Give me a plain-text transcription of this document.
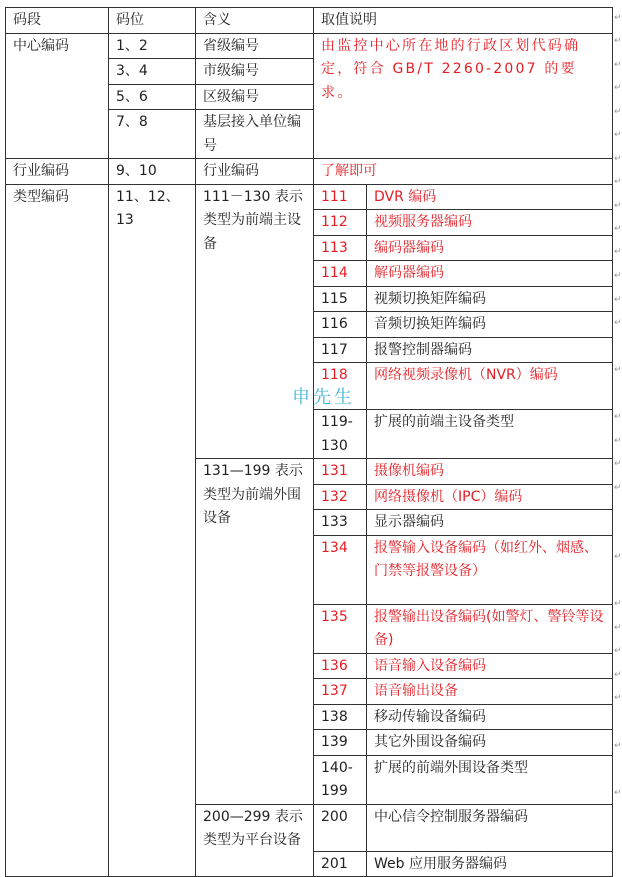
码段	码位	含义	取值说明	
中心编码	1、2	省级编号	由监控中心所在地的行政区划代码确定，符合 GB/T 2260-2007 的要求。	
	3、4	市级编号		
	5、6	区级编号		
	7、8	基层接入单位编号		
行业编码	9、10	行业编码	了解即可	
类型编码	11、12、13	111－130 表示类型为前端主设备	111	DVR 编码
			112	视频服务器编码
			113	编码器编码
			114	解码器编码
			115	视频切换矩阵编码
			116	音频切换矩阵编码
			117	报警控制器编码
			118	网络视频录像机（NVR）编码
			119-130	扩展的前端主设备类型
		131—199 表示类型为前端外围设备	131	摄像机编码
			132	网络摄像机（IPC）编码
			133	显示器编码
			134	报警输入设备编码（如红外、烟感、门禁等报警设备）
			135	报警输出设备编码(如警灯、警铃等设备)
			136	语音输入设备编码
			137	语音输出设备
			138	移动传输设备编码
			139	其它外围设备编码
			140-199	扩展的前端外围设备类型
		200—299 表示类型为平台设备	200	中心信令控制服务器编码
			201	Web 应用服务器编码
申先生
↵
↵
↵
↵
↵
↵
↵
↵
↵
↵
↵
↵
↵
↵
↵
↵
↵
↵
↵
↵
↵
↵
↵
↵
↵
↵
↵
